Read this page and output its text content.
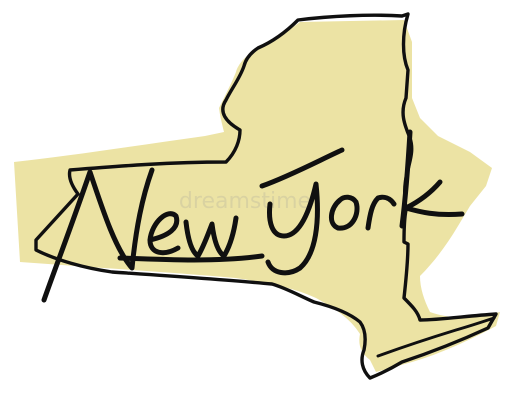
dreamstime
New York
